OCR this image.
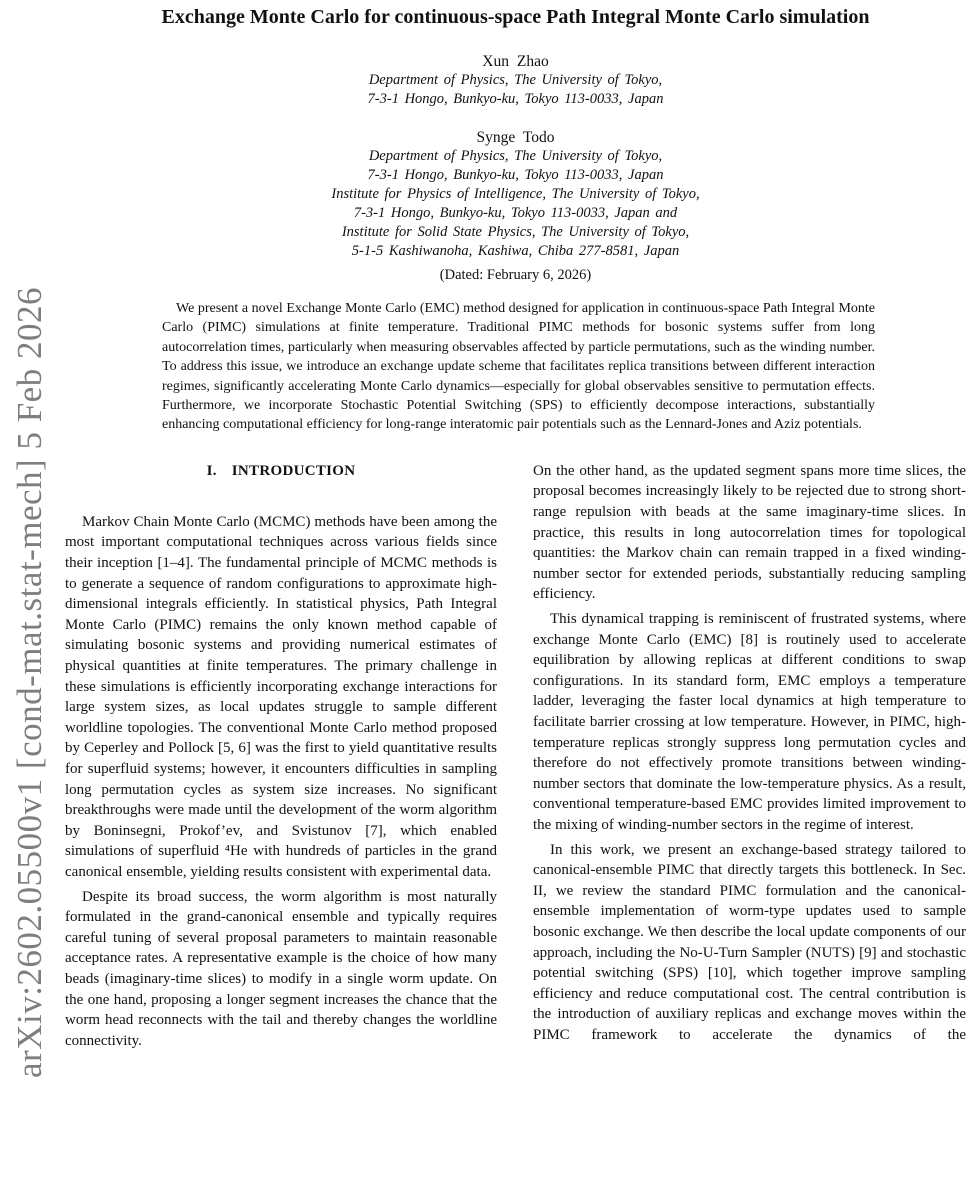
arXiv:2602.05500v1 [cond-mat.stat-mech] 5 Feb 2026
Exchange Monte Carlo for continuous-space Path Integral Monte Carlo simulation
Xun Zhao
Department of Physics, The University of Tokyo,
7-3-1 Hongo, Bunkyo-ku, Tokyo 113-0033, Japan
Synge Todo
Department of Physics, The University of Tokyo,
7-3-1 Hongo, Bunkyo-ku, Tokyo 113-0033, Japan
Institute for Physics of Intelligence, The University of Tokyo,
7-3-1 Hongo, Bunkyo-ku, Tokyo 113-0033, Japan and
Institute for Solid State Physics, The University of Tokyo,
5-1-5 Kashiwanoha, Kashiwa, Chiba 277-8581, Japan
(Dated: February 6, 2026)
We present a novel Exchange Monte Carlo (EMC) method designed for application in continuous-space Path Integral Monte Carlo (PIMC) simulations at finite temperature. Traditional PIMC methods for bosonic systems suffer from long autocorrelation times, particularly when measuring observables affected by particle permutations, such as the winding number. To address this issue, we introduce an exchange update scheme that facilitates replica transitions between different interaction regimes, significantly accelerating Monte Carlo dynamics—especially for global observables sensitive to permutation effects. Furthermore, we incorporate Stochastic Potential Switching (SPS) to efficiently decompose interactions, substantially enhancing computational efficiency for long-range interatomic pair potentials such as the Lennard-Jones and Aziz potentials.
I. INTRODUCTION

Markov Chain Monte Carlo (MCMC) methods have been among the most important computational techniques across various fields since their inception [1–4]. The fundamental principle of MCMC methods is to generate a sequence of random configurations to approximate high-dimensional integrals efficiently. In statistical physics, Path Integral Monte Carlo (PIMC) remains the only known method capable of simulating bosonic systems and providing numerical estimates of physical quantities at finite temperatures. The primary challenge in these simulations is efficiently incorporating exchange interactions for large system sizes, as local updates struggle to sample different worldline topologies. The conventional Monte Carlo method proposed by Ceperley and Pollock [5, 6] was the first to yield quantitative results for superfluid systems; however, it encounters difficulties in sampling long permutation cycles as system size increases. No significant breakthroughs were made until the development of the worm algorithm by Boninsegni, Prokof’ev, and Svistunov [7], which enabled simulations of superfluid ⁴He with hundreds of particles in the grand canonical ensemble, yielding results consistent with experimental data.

Despite its broad success, the worm algorithm is most naturally formulated in the grand-canonical ensemble and typically requires careful tuning of several proposal parameters to maintain reasonable acceptance rates. A representative example is the choice of how many beads (imaginary-time slices) to modify in a single worm update. On the one hand, proposing a longer segment increases the chance that the worm head reconnects with the tail and thereby changes the worldline connectivity.

On the other hand, as the updated segment spans more time slices, the proposal becomes increasingly likely to be rejected due to strong short-range repulsion with beads at the same imaginary-time slices. In practice, this results in long autocorrelation times for topological quantities: the Markov chain can remain trapped in a fixed winding-number sector for extended periods, substantially reducing sampling efficiency.

This dynamical trapping is reminiscent of frustrated systems, where exchange Monte Carlo (EMC) [8] is routinely used to accelerate equilibration by allowing replicas at different conditions to swap configurations. In its standard form, EMC employs a temperature ladder, leveraging the faster local dynamics at high temperature to facilitate barrier crossing at low temperature. However, in PIMC, high-temperature replicas strongly suppress long permutation cycles and therefore do not effectively promote transitions between winding-number sectors that dominate the low-temperature physics. As a result, conventional temperature-based EMC provides limited improvement to the mixing of winding-number sectors in the regime of interest.

In this work, we present an exchange-based strategy tailored to canonical-ensemble PIMC that directly targets this bottleneck. In Sec. II, we review the standard PIMC formulation and the canonical-ensemble implementation of worm-type updates used to sample bosonic exchange. We then describe the local update components of our approach, including the No-U-Turn Sampler (NUTS) [9] and stochastic potential switching (SPS) [10], which together improve sampling efficiency and reduce computational cost. The central contribution is the introduction of auxiliary replicas and exchange moves within the PIMC framework to accelerate the dynamics of the
